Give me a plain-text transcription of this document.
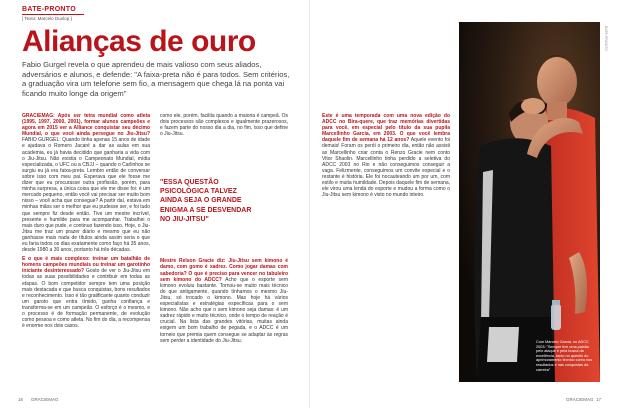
BATE-PRONTO
[ Texto: Marcelo Dunlop ]
BATE-PRONTO
Alianças de ouro

Fabio Gurgel revela o que aprendeu de mais valioso com seus aliados, adversários e alunos, e defende: "A faixa-preta não é para todos. Sem critérios, a graduação vira um telefone sem fio, a mensagem que chega lá na ponta vai ficando muito longe da origem"

GRACIEMAG: Após ser tetra mundial como atleta (1995, 1997, 2000, 2001), formar alunos campeões e agora em 2015 ver a Alliance conquistar seu décimo Mundial, o que você ainda persegue no Jiu-Jitsu? FABIO GURGEL: Quando tinha apenas 15 anos de idade e ajudava o Romero Jacaré a dar as aulas em sua academia, eu já havia decidido que ganharia a vida com o Jiu-Jitsu. Não existia o Campeonato Mundial, mídia especializada, o UFC ou a CBJJ – quando o Carlinhos se surgiu eu já era faixa-preta. Lembro então de conversar sobre isso com meu pai. Esperava que ele fosse me dizer que eu procurasse outra profissão, porém, para minha surpresa, a única coisa que ele me disse foi: é um mercado pequeno, então você vai precisar ser muito bom nisso – você acha que consegue? A partir daí, estava em minhas mãos ser o melhor que eu pudesse ser, e foi tudo que sempre fiz desde então. Tive um mestre incrível, presente e humilde para me acompanhar. Trabalhei o mais duro que pude, e continuo fazendo isso. Hoje, o Jiu-Jitsu me traz um prazer diário e mesmo que eu não ganhasse mais nada de títulos ainda assim seria o que eu faria todos os dias exatamente como faço há 35 anos, desde 1980 a 30 anos, portanto há três décadas.

E o que é mais complexo: treinar um batalhão de homens campeões mundiais ou treinar um garotinho iniciante desinteressado? Gosto de ver o Jiu-Jitsu em todas as suas possibilidades e contribuir em todas as etapas. O bom competidor sempre tem uma posição mais destacada e que busca conquistas, bons resultados e reconhecimento. Isso é tão gratificante quanto conduzir um garoto que entra tímido, ganha confiança e transforma-se em um campeão. O esforço é o mesmo, e o processo é de formação permanente, de evolução como pessoa e como atleta. No fim do dia, a recompensa é enorme nos dois casos.

como ele, porém, facilita quando a maioria é campeã. Os dois processos são complexos e igualmente prazerosos, e fazem parte do nosso dia a dia, no fim, isso que define o Jiu-Jitsu.

Mestre Relson Gracie diz: Jiu-Jitsu sem kimono é damo, com gomo é xadrez. Como jogar damas com sabedoria? O que é preciso para vencer no tabuleiro sem kimono do ADCC? Acho que o esporte sem kimono evoluiu bastante. Tornou-se muito mais técnico do que antigamente, quando tínhamos o mesmo Jiu-Jitsu, só trocado o kimono. Mas hoje há vários especialistas e estratégias específicas para o sem kimono. Não acho que o sem kimono seja damas: é um xadrez rápido e muito técnico, onde o tempo de reação é crucial. Na lista das grandes vitórias, muitas ainda exigem um bom trabalho de pegada, e o ADCC é um torneio que premia quem consegue se adaptar às regras sem perder a identidade do Jiu-Jitsu.

"ESSA QUESTÃO PSICOLÓGICA TALVEZ AINDA SEJA O GRANDE ENIGMA A SE DESVENDAR NO JIU-JITSU"

Este é uma temporada com uma nova edição do ADCC no Bira-quere, que traz memórias divertidas para você, em especial pelo título da sua pupila Marcellinho Garcia, em 2003. O que você lembra daquele fim de semana há 12 anos? Aquele evento foi demais! Foram os perdi o primeiro dia, então não assisti as Marcellinho criar conta o Renzo Gracie nem conto Vitor Shaolin. Marcellinho tinha perdido a seletiva do ADCC 2003 no Rio e não conseguimos conseguir a vaga. Felizmente, conseguimos um convite especial e o restante é história. Ele foi nocauteando um por um, com estilo e muita humildade. Depois daquele fim de semana, ele virou uma lenda do esporte e mudou a forma como o Jiu-Jitsu sem kimono é visto no mundo inteiro.

Com Marcelo Garcia, no ADCC 2003: "Sempre tive uma paixão pelo ataque e pela busca da excelência, tanto no quesito do aprimoramento técnico como nos resultados e nas conquistas da carreira"

16 GRACIEMAG	GRACIEMAG 17
